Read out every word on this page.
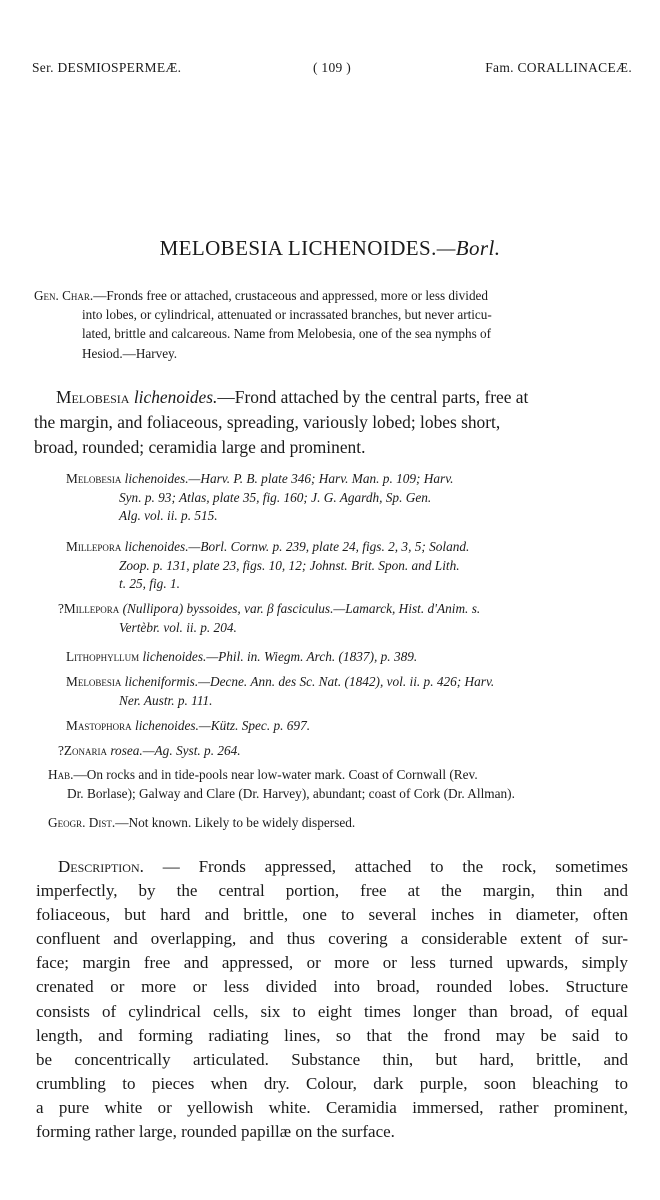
Ser. DESMIOSPERMEÆ.	( 109 )	Fam. CORALLINACEÆ.
MELOBESIA LICHENOIDES.—Borl.
Gen. Char.—Fronds free or attached, crustaceous and appressed, more or less divided
into lobes, or cylindrical, attenuated or incrassated branches, but never articu-
lated, brittle and calcareous. Name from Melobesia, one of the sea nymphs of
Hesiod.—Harvey.
Melobesia lichenoides.—Frond attached by the central parts, free at
the margin, and foliaceous, spreading, variously lobed; lobes short,
broad, rounded; ceramidia large and prominent.
Melobesia lichenoides.—Harv. P. B. plate 346; Harv. Man. p. 109; Harv.
Syn. p. 93; Atlas, plate 35, fig. 160; J. G. Agardh, Sp. Gen.
Alg. vol. ii. p. 515.
Millepora lichenoides.—Borl. Cornw. p. 239, plate 24, figs. 2, 3, 5; Soland.
Zoop. p. 131, plate 23, figs. 10, 12; Johnst. Brit. Spon. and Lith.
t. 25, fig. 1.
?Millepora (Nullipora) byssoides, var. β fasciculus.—Lamarck, Hist. d'Anim. s.
Vertèbr. vol. ii. p. 204.
Lithophyllum lichenoides.—Phil. in. Wiegm. Arch. (1837), p. 389.
Melobesia licheniformis.—Decne. Ann. des Sc. Nat. (1842), vol. ii. p. 426; Harv.
Ner. Austr. p. 111.
Mastophora lichenoides.—Kütz. Spec. p. 697.
?Zonaria rosea.—Ag. Syst. p. 264.
Hab.—On rocks and in tide-pools near low-water mark. Coast of Cornwall (Rev.
Dr. Borlase); Galway and Clare (Dr. Harvey), abundant; coast of Cork (Dr. Allman).
Geogr. Dist.—Not known. Likely to be widely dispersed.
Description. — Fronds appressed, attached to the rock, sometimes
imperfectly, by the central portion, free at the margin, thin and
foliaceous, but hard and brittle, one to several inches in diameter, often
confluent and overlapping, and thus covering a considerable extent of sur-
face; margin free and appressed, or more or less turned upwards, simply
crenated or more or less divided into broad, rounded lobes. Structure
consists of cylindrical cells, six to eight times longer than broad, of equal
length, and forming radiating lines, so that the frond may be said to
be concentrically articulated. Substance thin, but hard, brittle, and
crumbling to pieces when dry. Colour, dark purple, soon bleaching to
a pure white or yellowish white. Ceramidia immersed, rather prominent,
forming rather large, rounded papillæ on the surface.
